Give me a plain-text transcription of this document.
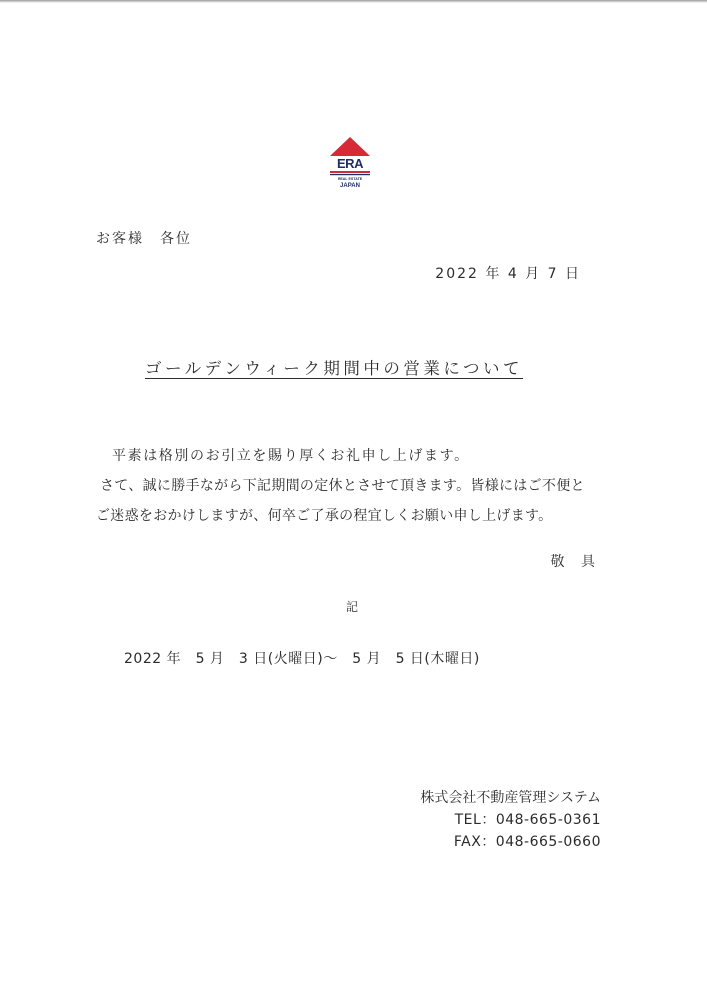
ERA
REAL ESTATE
JAPAN
お客様　各位
2022 年 4 月 7 日
ゴールデンウィーク期間中の営業について
平素は格別のお引立を賜り厚くお礼申し上げます。
さて、誠に勝手ながら下記期間の定休とさせて頂きます。皆様にはご不便と
ご迷惑をおかけしますが、何卒ご了承の程宜しくお願い申し上げます。
敬 具
記
2022 年　5 月　3 日(火曜日)～　5 月　5 日(木曜日)
株式会社不動産管理システム
TEL：048-665-0361
FAX：048-665-0660
